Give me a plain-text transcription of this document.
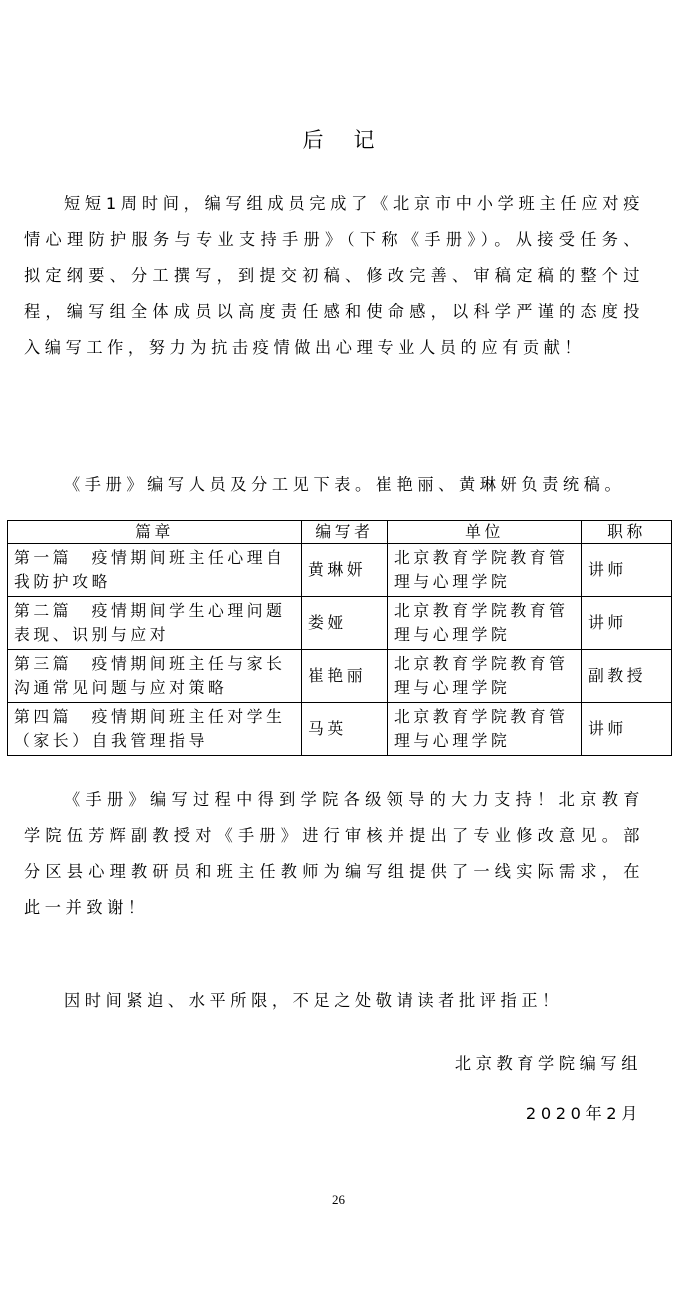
后记

短短1周时间，编写组成员完成了《北京市中小学班主任应对疫情心理防护服务与专业支持手册》（下称《手册》）。从接受任务、拟定纲要、分工撰写，到提交初稿、修改完善、审稿定稿的整个过程，编写组全体成员以高度责任感和使命感，以科学严谨的态度投入编写工作，努力为抗击疫情做出心理专业人员的应有贡献！

《手册》编写人员及分工见下表。崔艳丽、黄琳妍负责统稿。

篇章	编写者	单位	职称
第一篇　疫情期间班主任心理自我防护攻略	黄琳妍	北京教育学院教育管理与心理学院	讲师
第二篇　疫情期间学生心理问题表现、识别与应对	娄娅	北京教育学院教育管理与心理学院	讲师
第三篇　疫情期间班主任与家长沟通常见问题与应对策略	崔艳丽	北京教育学院教育管理与心理学院	副教授
第四篇　疫情期间班主任对学生（家长）自我管理指导	马英	北京教育学院教育管理与心理学院	讲师

《手册》编写过程中得到学院各级领导的大力支持！北京教育学院伍芳辉副教授对《手册》进行审核并提出了专业修改意见。部分区县心理教研员和班主任教师为编写组提供了一线实际需求，在此一并致谢！

因时间紧迫、水平所限，不足之处敬请读者批评指正！

北京教育学院编写组
2020年2月
26
